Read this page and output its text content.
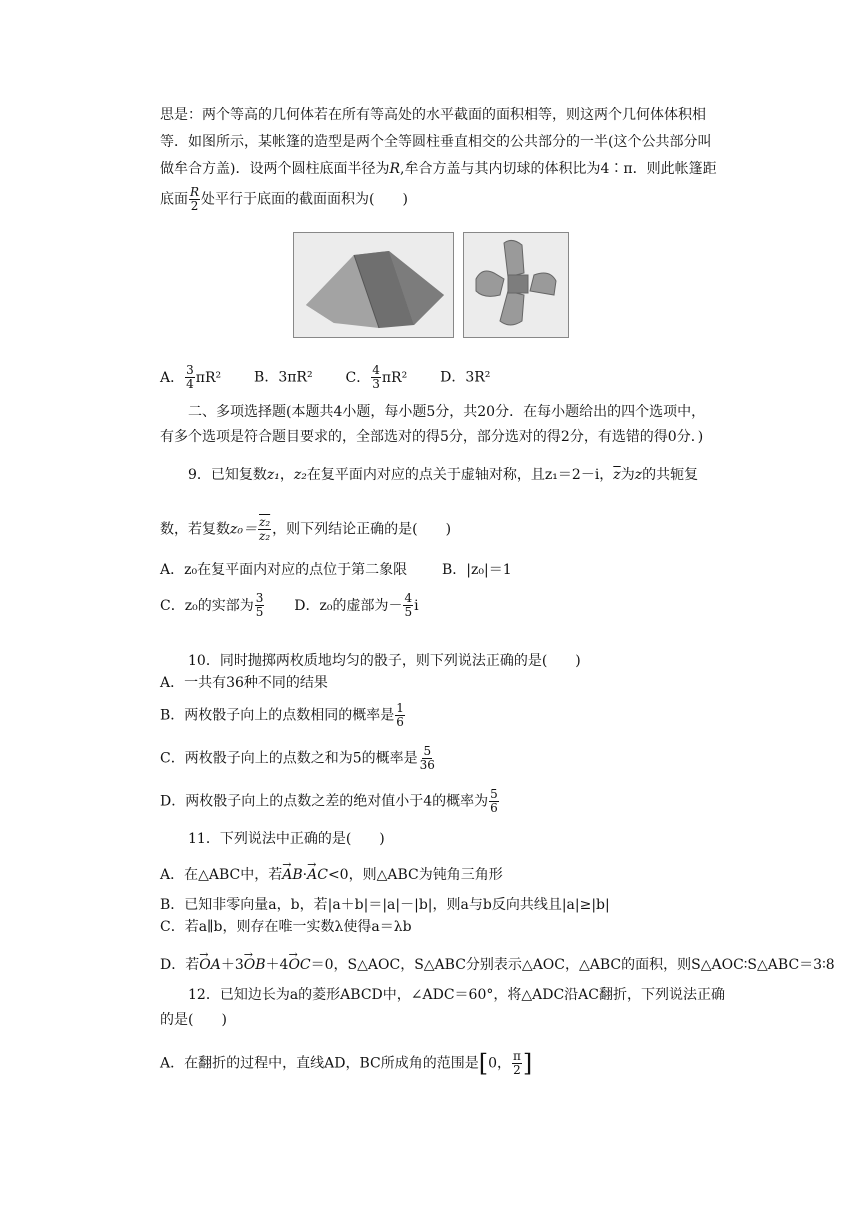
思是：两个等高的几何体若在所有等高处的水平截面的面积相等，则这两个几何体体积相
等．如图所示，某帐篷的造型是两个全等圆柱垂直相交的公共部分的一半(这个公共部分叫
做牟合方盖)．设两个圆柱底面半径为R,牟合方盖与其内切球的体积比为4∶π．则此帐篷距
底面 $\frac{R}{2}$ 处平行于底面的截面面积为(　　)
A． $\frac{3}{4} \pi R^2$ B．3πR² C． $\frac{4}{3} \pi R^2$ D．3R²
二、多项选择题(本题共4小题，每小题5分，共20分．在每小题给出的四个选项中，
有多个选项是符合题目要求的，全部选对的得5分，部分选对的得2分，有选错的得0分．)
9．已知复数z₁，z₂在复平面内对应的点关于虚轴对称，且z₁＝2－i，$\overline{z}$为z的共轭复
数，若复数$z_0= \frac{\text{z₂}}{\text{z₂}}$ ，则下列结论正确的是(　　)
A．z₀在复平面内对应的点位于第二象限 B．|z₀|＝1
C．z₀的实部为 $\frac{3}{5}$ D．z₀的虚部为－ $\frac{4}{5}$ i
10．同时抛掷两枚质地均匀的骰子，则下列说法正确的是(　　)
A．一共有36种不同的结果
B．两枚骰子向上的点数相同的概率是 $\frac{1}{6}$
C．两枚骰子向上的点数之和为5的概率是 $\frac{5}{36}$
D．两枚骰子向上的点数之差的绝对值小于4的概率为 $\frac{5}{6}$
11．下列说法中正确的是(　　)
A．在△ABC中，若→ AB·→ AC<0，则△ABC为钝角三角形
B．已知非零向量a，b，若|a＋b|＝|a|－|b|，则a与b反向共线且|a|≥|b|
C．若a∥b，则存在唯一实数λ使得a＝λb
D．若→ OA＋3→ OB＋4→ OC＝0，S△AOC，S△ABC分别表示△AOC，△ABC的面积，则S△AOC∶S△ABC＝3∶8
12．已知边长为a的菱形ABCD中，∠ADC＝60°，将△ADC沿AC翻折，下列说法正确
的是(　　)
A．在翻折的过程中，直线AD，BC所成角的范围是[0， $\frac{\pi}{2}$ ]
